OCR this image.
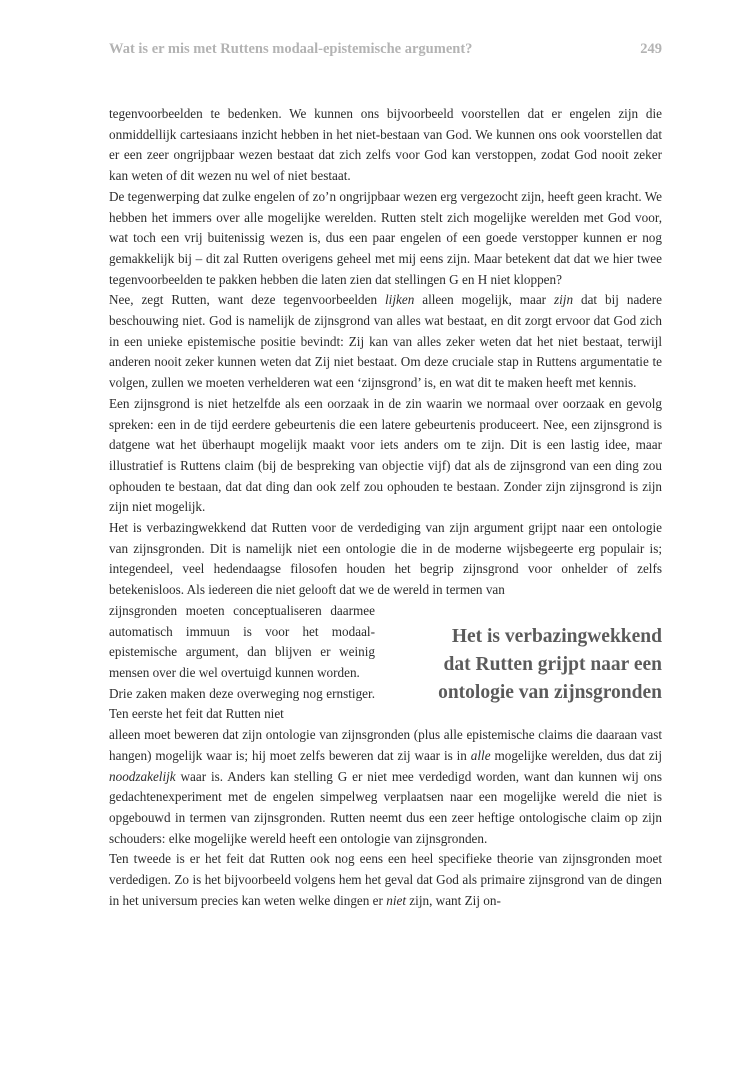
Wat is er mis met Ruttens modaal-epistemische argument?	249

tegenvoorbeelden te bedenken. We kunnen ons bijvoorbeeld voorstellen dat er engelen zijn die onmiddellijk cartesiaans inzicht hebben in het niet-bestaan van God. We kunnen ons ook voorstellen dat er een zeer ongrijpbaar wezen bestaat dat zich zelfs voor God kan verstoppen, zodat God nooit zeker kan weten of dit wezen nu wel of niet bestaat.

De tegenwerping dat zulke engelen of zo’n ongrijpbaar wezen erg vergezocht zijn, heeft geen kracht. We hebben het immers over alle mogelijke werelden. Rutten stelt zich mogelijke werelden met God voor, wat toch een vrij buitenissig wezen is, dus een paar engelen of een goede verstopper kunnen er nog gemakkelijk bij – dit zal Rutten overigens geheel met mij eens zijn. Maar betekent dat dat we hier twee tegenvoorbeelden te pakken hebben die laten zien dat stellingen G en H niet kloppen?

Nee, zegt Rutten, want deze tegenvoorbeelden lijken alleen mogelijk, maar zijn dat bij nadere beschouwing niet. God is namelijk de zijnsgrond van alles wat bestaat, en dit zorgt ervoor dat God zich in een unieke epistemische positie bevindt: Zij kan van alles zeker weten dat het niet bestaat, terwijl anderen nooit zeker kunnen weten dat Zij niet bestaat. Om deze cruciale stap in Ruttens argumentatie te volgen, zullen we moeten verhelderen wat een ‘zijnsgrond’ is, en wat dit te maken heeft met kennis.

Een zijnsgrond is niet hetzelfde als een oorzaak in de zin waarin we normaal over oorzaak en gevolg spreken: een in de tijd eerdere gebeurtenis die een latere gebeurtenis produceert. Nee, een zijnsgrond is datgene wat het überhaupt mogelijk maakt voor iets anders om te zijn. Dit is een lastig idee, maar illustratief is Ruttens claim (bij de bespreking van objectie vijf) dat als de zijnsgrond van een ding zou ophouden te bestaan, dat dat ding dan ook zelf zou ophouden te bestaan. Zonder zijn zijnsgrond is zijn zijn niet mogelijk.

Het is verbazingwekkend dat Rutten voor de verdediging van zijn argument grijpt naar een ontologie van zijnsgronden. Dit is namelijk niet een ontologie die in de moderne wijsbegeerte erg populair is; integendeel, veel hedendaagse filosofen houden het begrip zijnsgrond voor onhelder of zelfs betekenisloos. Als iedereen die niet gelooft dat we de wereld in termen van

zijnsgronden moeten conceptualiseren daarmee automatisch immuun is voor het modaal-epistemische argument, dan blijven er weinig mensen over die wel overtuigd kunnen worden.

Drie zaken maken deze overweging nog ernstiger. Ten eerste het feit dat Rutten niet

Het is verbazingwekkend
dat Rutten grijpt naar een
ontologie van zijnsgronden

alleen moet beweren dat zijn ontologie van zijnsgronden (plus alle epistemische claims die daaraan vast hangen) mogelijk waar is; hij moet zelfs beweren dat zij waar is in alle mogelijke werelden, dus dat zij noodzakelijk waar is. Anders kan stelling G er niet mee verdedigd worden, want dan kunnen wij ons gedachtenexperiment met de engelen simpelweg verplaatsen naar een mogelijke wereld die niet is opgebouwd in termen van zijnsgronden. Rutten neemt dus een zeer heftige ontologische claim op zijn schouders: elke mogelijke wereld heeft een ontologie van zijnsgronden.

Ten tweede is er het feit dat Rutten ook nog eens een heel specifieke theorie van zijnsgronden moet verdedigen. Zo is het bijvoorbeeld volgens hem het geval dat God als primaire zijnsgrond van de dingen in het universum precies kan weten welke dingen er niet zijn, want Zij on-
